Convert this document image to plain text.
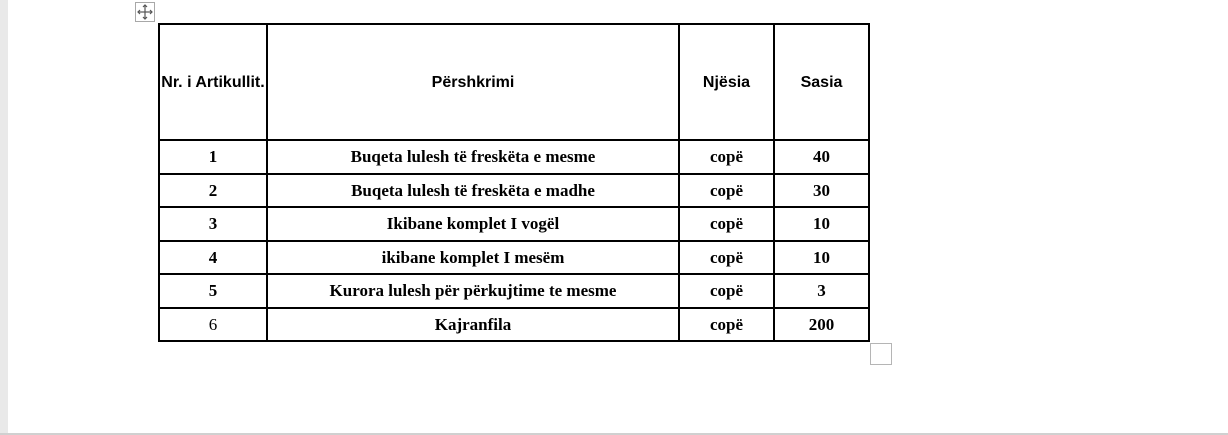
Nr. i Artikullit.	Përshkrimi	Njësia	Sasia
1	Buqeta lulesh të freskëta e mesme	copë	40
2	Buqeta lulesh të freskëta e madhe	copë	30
3	Ikibane komplet I vogël	copë	10
4	ikibane komplet I mesëm	copë	10
5	Kurora lulesh për përkujtime te mesme	copë	3
6	Kajranfila	copë	200
